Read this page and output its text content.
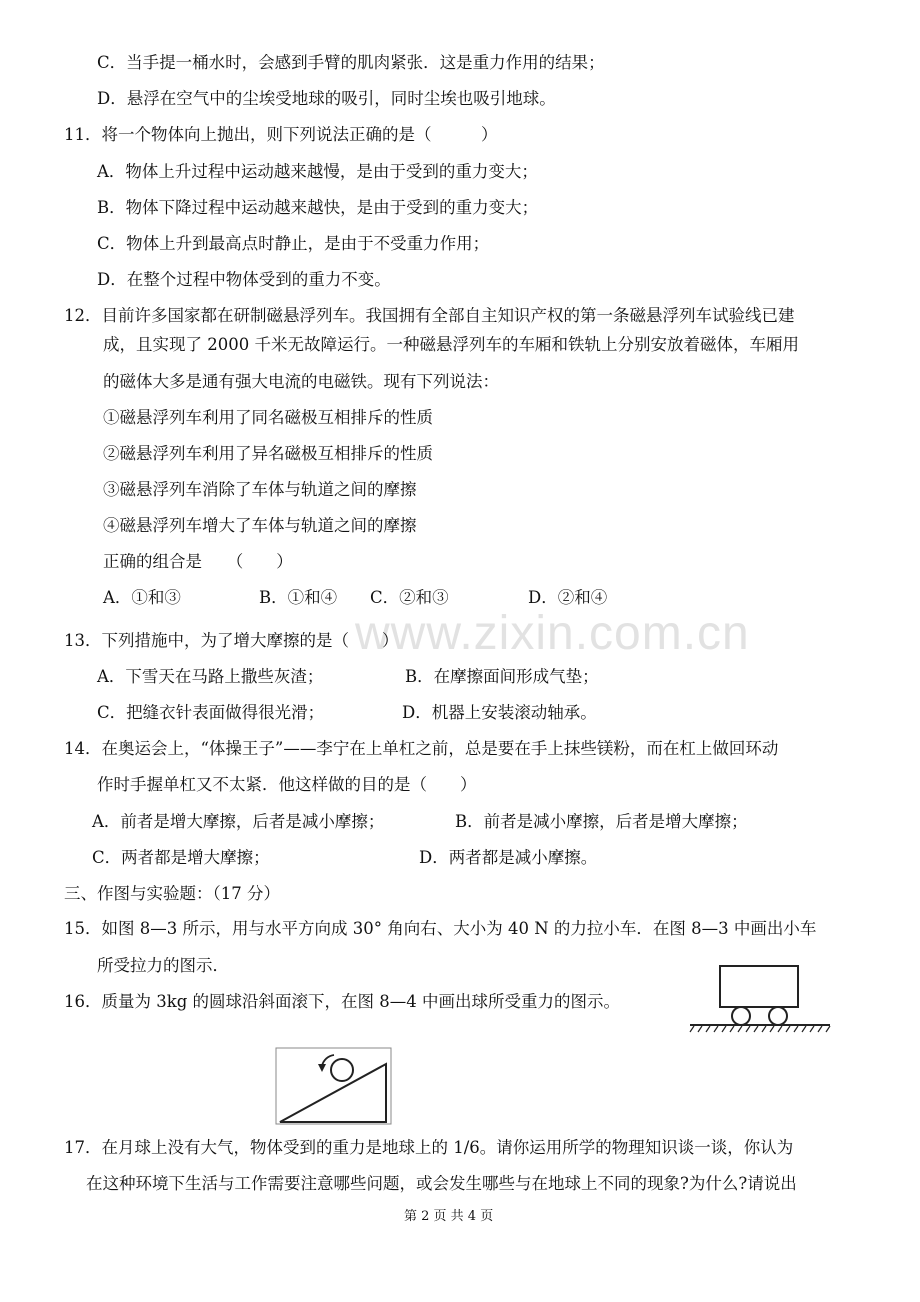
www.zixin.com.cn
C．当手提一桶水时，会感到手臂的肌肉紧张．这是重力作用的结果；
D．悬浮在空气中的尘埃受地球的吸引，同时尘埃也吸引地球。
11．将一个物体向上抛出，则下列说法正确的是（　　　）
A．物体上升过程中运动越来越慢，是由于受到的重力变大；
B．物体下降过程中运动越来越快，是由于受到的重力变大；
C．物体上升到最高点时静止，是由于不受重力作用；
D．在整个过程中物体受到的重力不变。
12．目前许多国家都在研制磁悬浮列车。我国拥有全部自主知识产权的第一条磁悬浮列车试验线已建
成，且实现了 2000 千米无故障运行。一种磁悬浮列车的车厢和铁轨上分别安放着磁体，车厢用
的磁体大多是通有强大电流的电磁铁。现有下列说法：
①磁悬浮列车利用了同名磁极互相排斥的性质
②磁悬浮列车利用了异名磁极互相排斥的性质
③磁悬浮列车消除了车体与轨道之间的摩擦
④磁悬浮列车增大了车体与轨道之间的摩擦
正确的组合是　　（　　）
A．①和③	B．①和④ C．②和③	D．②和④
13．下列措施中，为了增大摩擦的是（　　）
A．下雪天在马路上撒些灰渣；	B．在摩擦面间形成气垫；
C．把缝衣针表面做得很光滑；	D．机器上安装滚动轴承。
14．在奥运会上，“体操王子”——李宁在上单杠之前，总是要在手上抹些镁粉，而在杠上做回环动
作时手握单杠又不太紧．他这样做的目的是（　　）
A．前者是增大摩擦，后者是减小摩擦；	B．前者是减小摩擦，后者是增大摩擦；
C．两者都是增大摩擦；	D．两者都是减小摩擦。
三、作图与实验题：（17 分）
15．如图 8—3 所示，用与水平方向成 30° 角向右、大小为 40 N 的力拉小车．在图 8—3 中画出小车
所受拉力的图示．
16．质量为 3kg 的圆球沿斜面滚下，在图 8—4 中画出球所受重力的图示。
17．在月球上没有大气，物体受到的重力是地球上的 1/6。请你运用所学的物理知识谈一谈，你认为
在这种环境下生活与工作需要注意哪些问题，或会发生哪些与在地球上不同的现象?为什么?请说出
第 2 页 共 4 页
